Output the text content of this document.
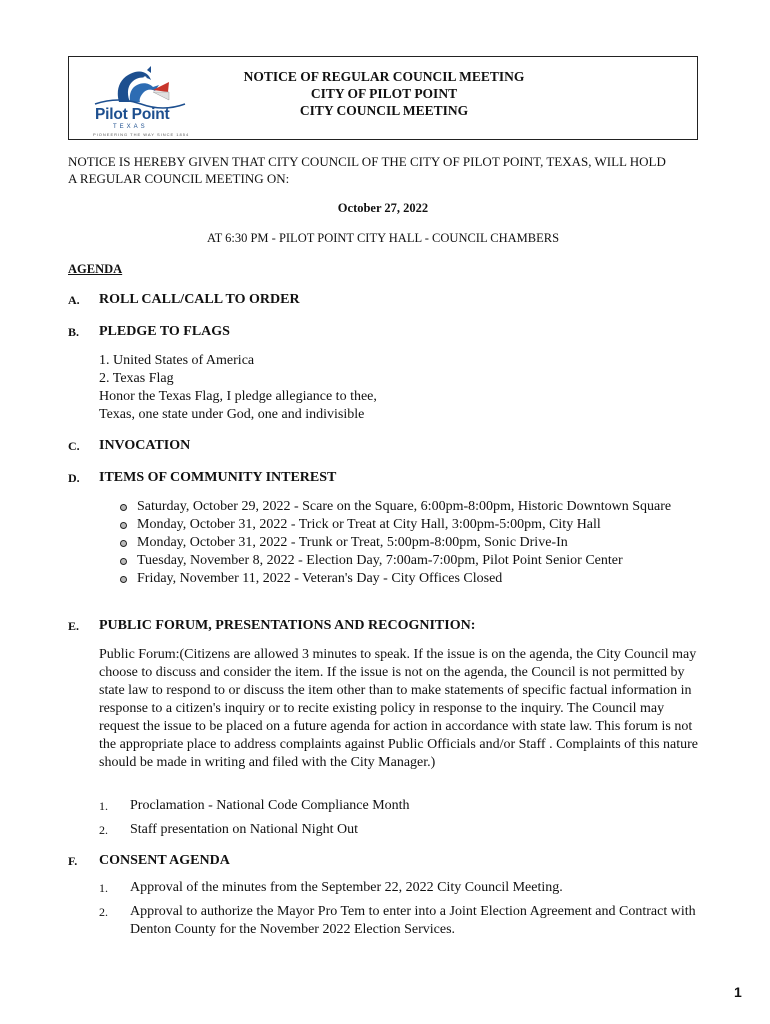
Pilot Point
TEXAS
PIONEERING THE WAY SINCE 1854
NOTICE OF REGULAR COUNCIL MEETING
CITY OF PILOT POINT
CITY COUNCIL MEETING
NOTICE IS HEREBY GIVEN THAT CITY COUNCIL OF THE CITY OF PILOT POINT, TEXAS, WILL HOLD
A REGULAR COUNCIL MEETING ON:
October 27, 2022
AT 6:30 PM - PILOT POINT CITY HALL - COUNCIL CHAMBERS
AGENDA
A. ROLL CALL/CALL TO ORDER
B. PLEDGE TO FLAGS
1. United States of America
2. Texas Flag
Honor the Texas Flag, I pledge allegiance to thee,
Texas, one state under God, one and indivisible
C. INVOCATION
D. ITEMS OF COMMUNITY INTEREST
Saturday, October 29, 2022 - Scare on the Square, 6:00pm-8:00pm, Historic Downtown Square
Monday, October 31, 2022 - Trick or Treat at City Hall, 3:00pm-5:00pm, City Hall
Monday, October 31, 2022 - Trunk or Treat, 5:00pm-8:00pm, Sonic Drive-In
Tuesday, November 8, 2022 - Election Day, 7:00am-7:00pm, Pilot Point Senior Center
Friday, November 11, 2022 - Veteran's Day - City Offices Closed
E. PUBLIC FORUM, PRESENTATIONS AND RECOGNITION:
Public Forum:(Citizens are allowed 3 minutes to speak. If the issue is on the agenda, the City Council may choose to discuss and consider the item. If the issue is not on the agenda, the Council is not permitted by state law to respond to or discuss the item other than to make statements of specific factual information in response to a citizen's inquiry or to recite existing policy in response to the inquiry. The Council may request the issue to be placed on a future agenda for action in accordance with state law. This forum is not the appropriate place to address complaints against Public Officials and/or Staff . Complaints of this nature should be made in writing and filed with the City Manager.)
1. Proclamation - National Code Compliance Month
2. Staff presentation on National Night Out
F. CONSENT AGENDA
1. Approval of the minutes from the September 22, 2022 City Council Meeting.
2. Approval to authorize the Mayor Pro Tem to enter into a Joint Election Agreement and Contract with Denton County for the November 2022 Election Services.
1
